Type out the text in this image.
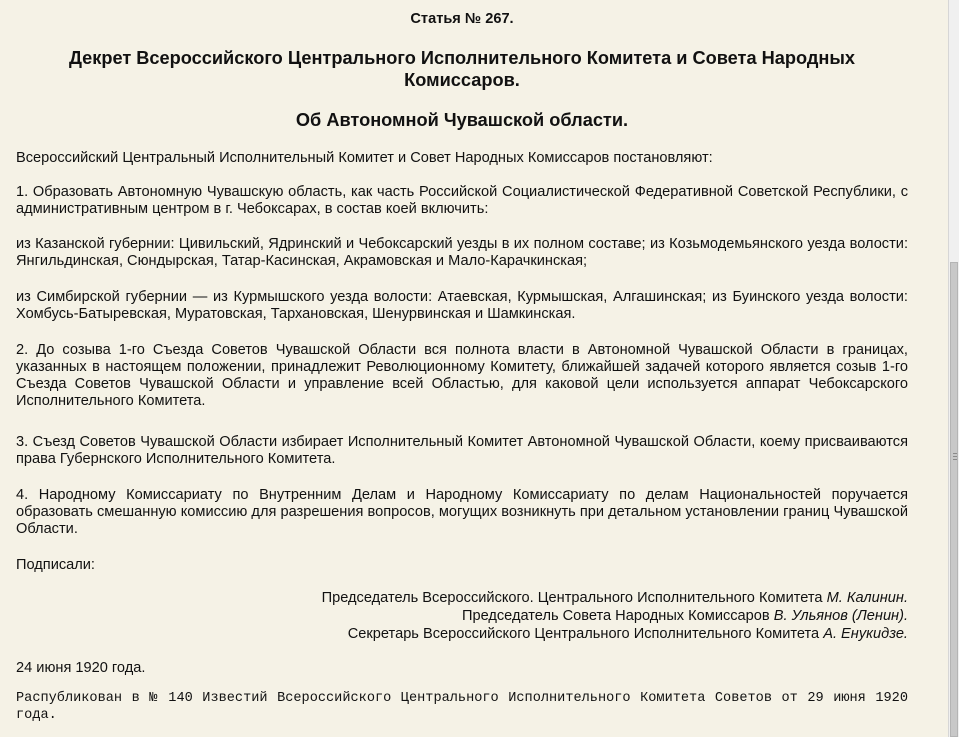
Статья № 267.
Декрет Всероссийского Центрального Исполнительного Комитета и Совета Народных Комиссаров.
Об Автономной Чувашской области.

Всероссийский Центральный Исполнительный Комитет и Совет Народных Комиссаров постановляют:

1. Образовать Автономную Чувашскую область, как часть Российской Социалистической Федеративной Советской Республики, с административным центром в г. Чебоксарах, в состав коей включить:

из Казанской губернии: Цивильский, Ядринский и Чебоксарский уезды в их полном составе; из Козьмодемьянского уезда волости: Янгильдинская, Сюндырская, Татар-Касинская, Акрамовская и Мало-Карачкинская;

из Симбирской губернии — из Курмышского уезда волости: Атаевская, Курмышская, Алгашинская; из Буинского уезда волости: Хомбусь-Батыревская, Муратовская, Тархановская, Шенурвинская и Шамкинская.

2. До созыва 1-го Съезда Советов Чувашской Области вся полнота власти в Автономной Чувашской Области в границах, указанных в настоящем положении, принадлежит Революционному Комитету, ближайшей задачей которого является созыв 1-го Съезда Советов Чувашской Области и управление всей Областью, для каковой цели используется аппарат Чебоксарского Исполнительного Комитета.

3. Съезд Советов Чувашской Области избирает Исполнительный Комитет Автономной Чувашской Области, коему присваиваются права Губернского Исполнительного Комитета.

4. Народному Комиссариату по Внутренним Делам и Народному Комиссариату по делам Национальностей поручается образовать смешанную комиссию для разрешения вопросов, могущих возникнуть при детальном установлении границ Чувашской Области.

Подписали:

Председатель Всероссийского. Центрального Исполнительного Комитета М. Калинин.
Председатель Совета Народных Комиссаров В. Ульянов (Ленин).
Секретарь Всероссийского Центрального Исполнительного Комитета А. Енукидзе.

24 июня 1920 года.

Распубликован в № 140 Известий Всероссийского Центрального Исполнительного Комитета Советов от 29 июня 1920 года.
